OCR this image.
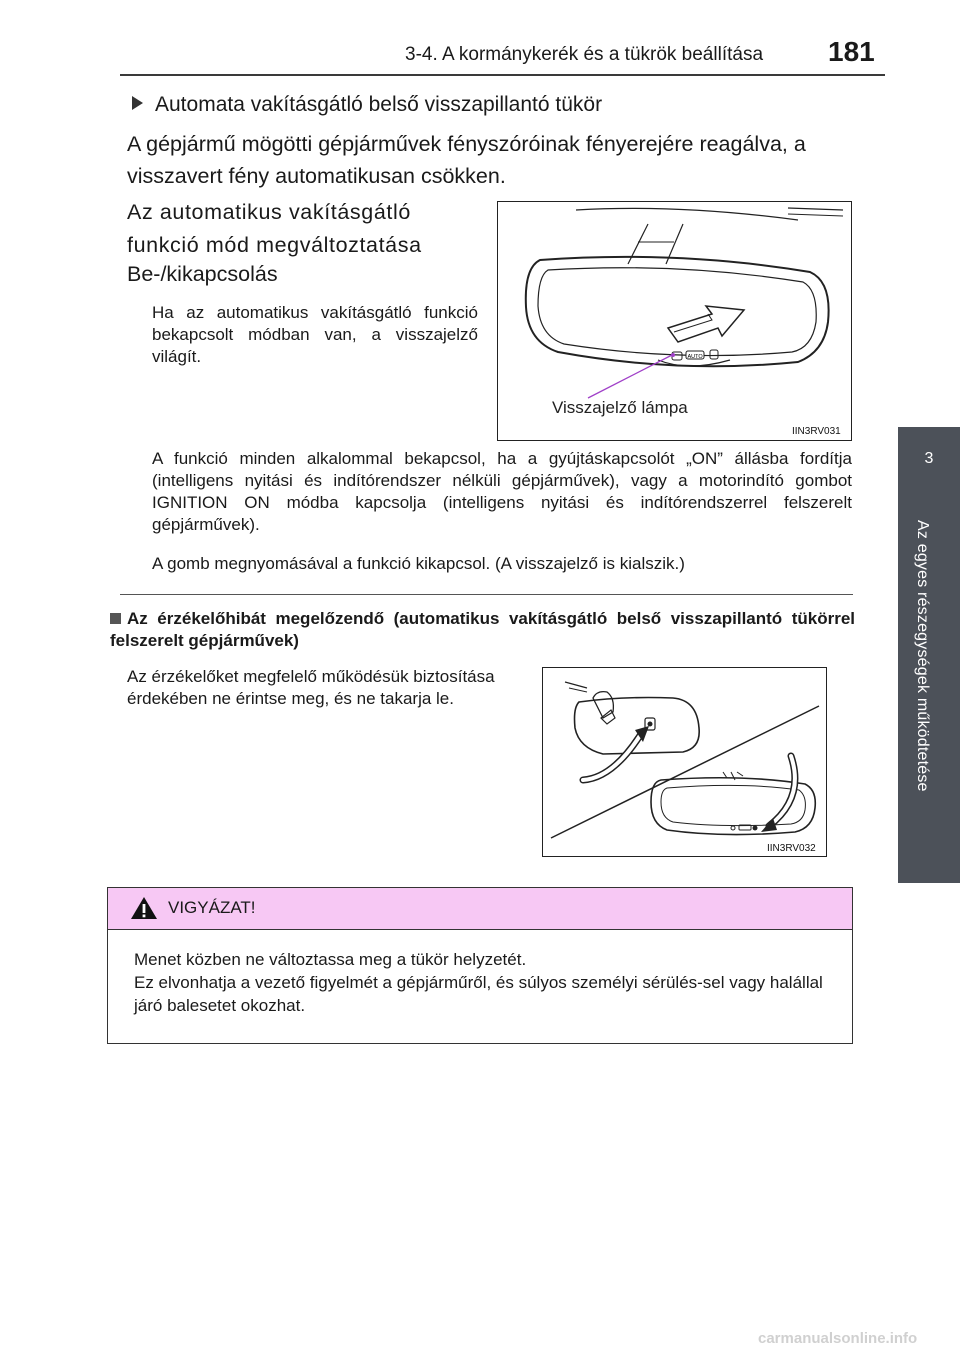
3-4. A kormánykerék és a tükrök beállítása 181
3
Az egyes részegységek működtetése
Automata vakításgátló belső visszapillantó tükör
A gépjármű mögötti gépjárművek fényszóróinak fényerejére reagálva, a visszavert fény automatikusan csökken.
Az automatikus vakításgátló funkció mód megváltoztatása
Be-/kikapcsolás
Ha az automatikus vakításgátló funkció bekapcsolt módban van, a visszajelző világít.
A funkció minden alkalommal bekapcsol, ha a gyújtáskapcsolót „ON” állásba fordítja (intelligens nyitási és indítórendszer nélküli gépjárművek), vagy a motorindító gombot IGNITION ON módba kapcsolja (intelligens nyitási és indítórendszerrel felszerelt gépjárművek).
A gomb megnyomásával a funkció kikapcsol. (A visszajelző is kialszik.)
AUTO
Visszajelző lámpa
IIN3RV031
Az érzékelőhibát megelőzendő (automatikus vakításgátló belső visszapillantó tükörrel felszerelt gépjárművek)
Az érzékelőket megfelelő működésük biztosítása érdekében ne érintse meg, és ne takarja le.
IIN3RV032
VIGYÁZAT!
Menet közben ne változtassa meg a tükör helyzetét.
Ez elvonhatja a vezető figyelmét a gépjárműről, és súlyos személyi sérülés-sel vagy halállal járó balesetet okozhat.
carmanualsonline.info
